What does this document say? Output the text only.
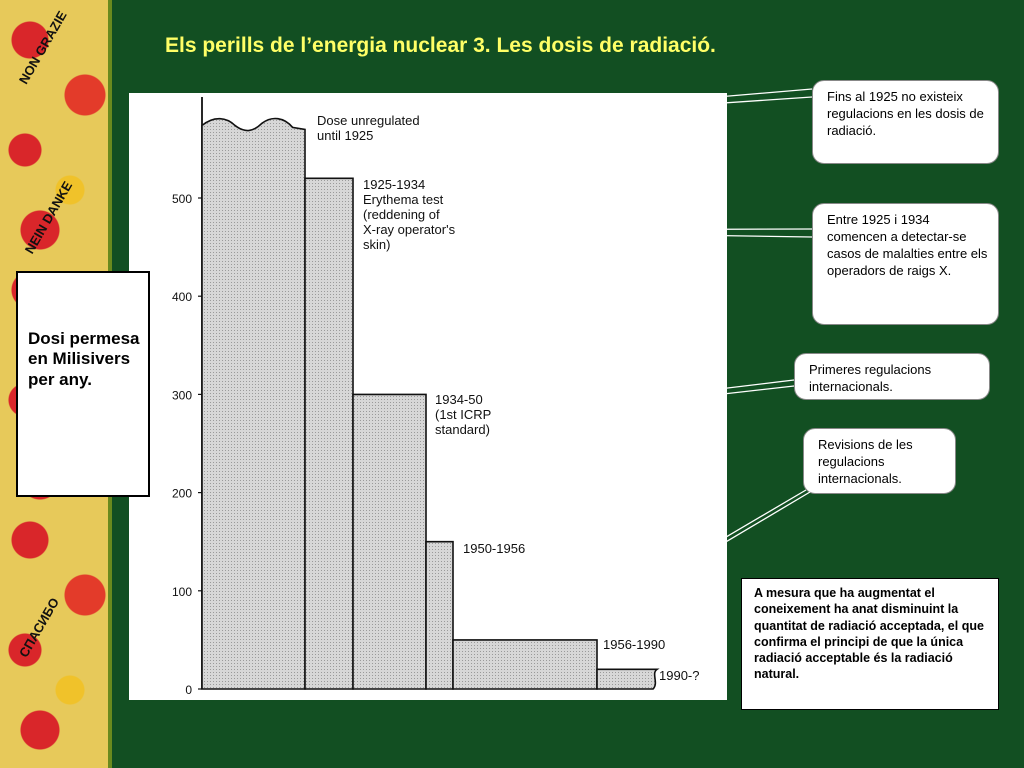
NON GRAZIE
NEIN DANKE
СПАСИБО
Els perills de l’energia nuclear 3. Les dosis de radiació.
0
100
200
300
400
500
Dose unregulated
until 1925
1925-1934
Erythema test
(reddening of
X-ray operator's
skin)
1934-50
(1st ICRP
standard)
1950-1956
1956-1990
1990-?
Dosi permesa en Milisivers per any.
Fins al 1925 no existeix regulacions en les dosis de radiació.
Entre 1925 i 1934 comencen a detectar-se casos de malalties entre els operadors de raigs X.
Primeres regulacions internacionals.
Revisions de les regulacions internacionals.
A mesura que ha augmentat el coneixement ha anat disminuint la quantitat de radiació acceptada, el que confirma el principi de que la única radiació acceptable és la radiació natural.
